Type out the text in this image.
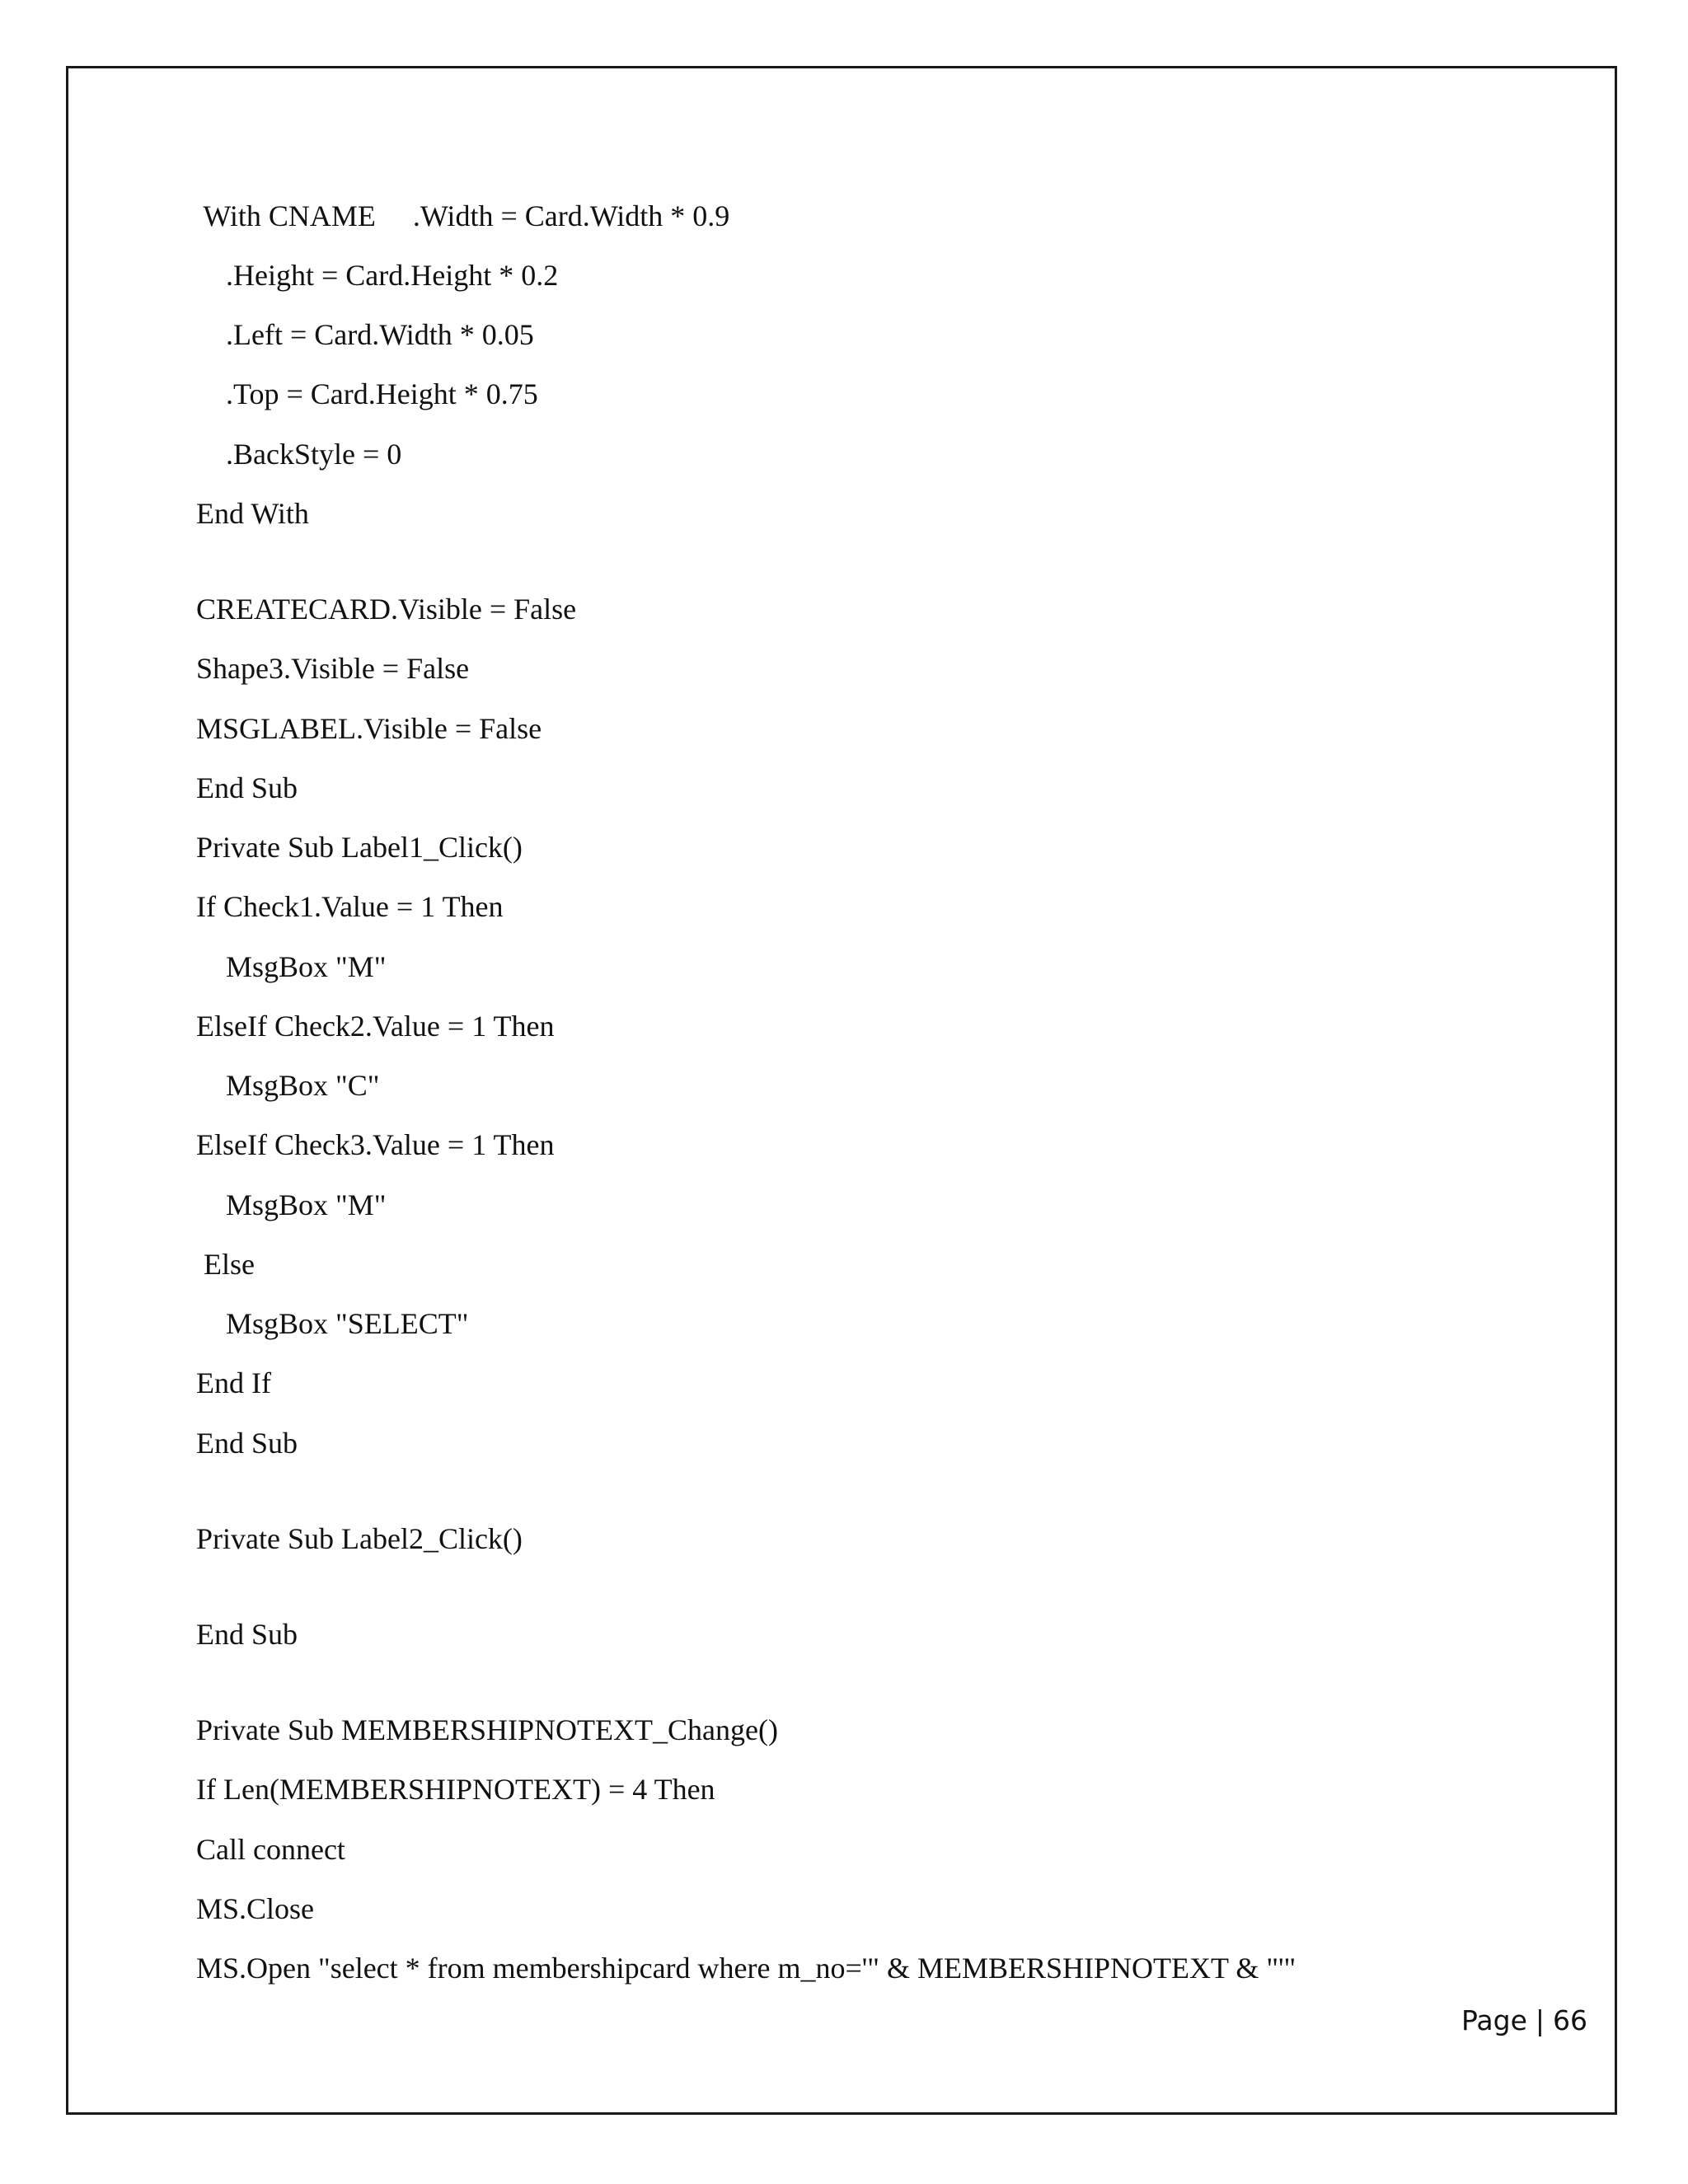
With CNAME     .Width = Card.Width * 0.9
.Height = Card.Height * 0.2
.Left = Card.Width * 0.05
.Top = Card.Height * 0.75
.BackStyle = 0
End With
CREATECARD.Visible = False
Shape3.Visible = False
MSGLABEL.Visible = False
End Sub
Private Sub Label1_Click()
If Check1.Value = 1 Then
MsgBox "M"
ElseIf Check2.Value = 1 Then
MsgBox "C"
ElseIf Check3.Value = 1 Then
MsgBox "M"
Else
MsgBox "SELECT"
End If
End Sub
Private Sub Label2_Click()
End Sub
Private Sub MEMBERSHIPNOTEXT_Change()
If Len(MEMBERSHIPNOTEXT) = 4 Then
Call connect
MS.Close
MS.Open "select * from membershipcard where m_no='" & MEMBERSHIPNOTEXT & "'"
Page | 66
